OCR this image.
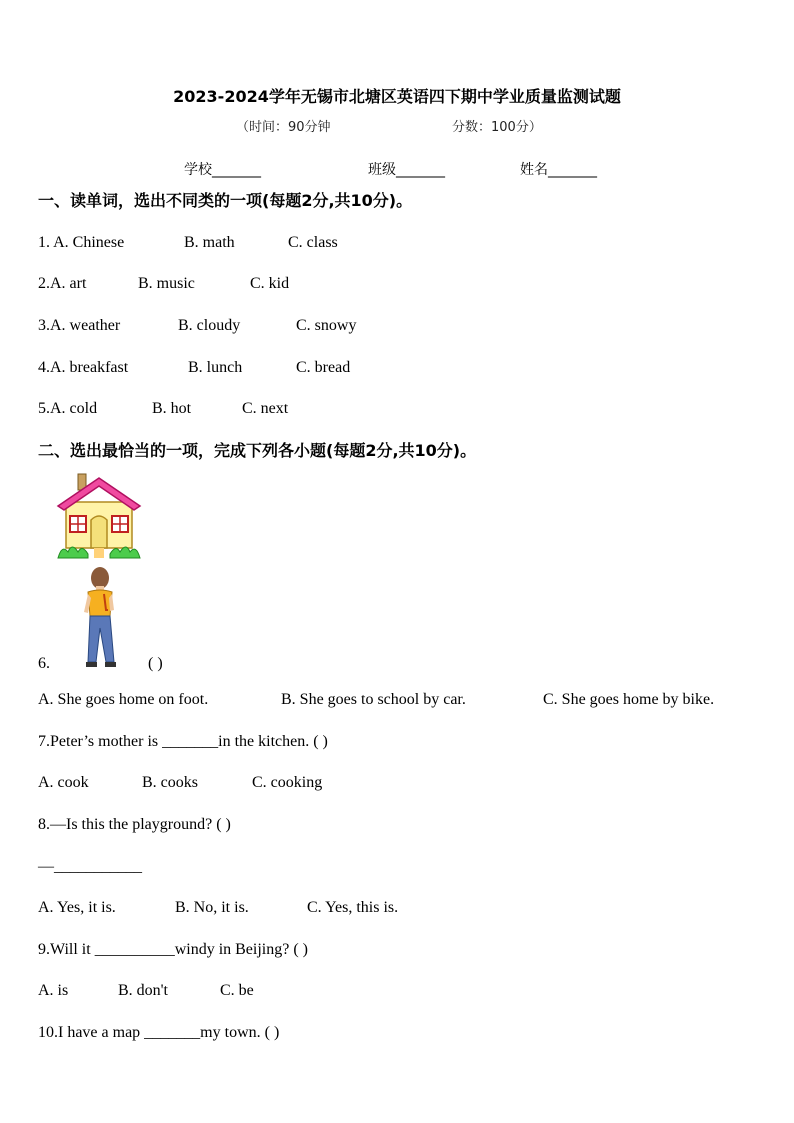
2023-2024学年无锡市北塘区英语四下期中学业质量监测试题
（时间：90分钟	分数：100分）
学校_______	班级_______	姓名_______
一、读单词，选出不同类的一项(每题2分,共10分)。
1. A. Chinese	B. math	C. class
2.A. art	B. music	C. kid
3.A. weather	B. cloudy	C. snowy
4.A. breakfast	B. lunch	C. bread
5.A. cold	B. hot	C. next
二、选出最恰当的一项，完成下列各小题(每题2分,共10分)。
6.	( )
A. She goes home on foot.	B. She goes to school by car.	C. She goes home by bike.
7.Peter’s mother is _______in the kitchen. ( )
A. cook	B. cooks	C. cooking
8.—Is this the playground? ( )
—___________
A. Yes, it is.	B. No, it is.	C. Yes, this is.
9.Will it __________windy in Beijing? ( )
A. is	B. don't	C. be
10.I have a map _______my town. ( )
